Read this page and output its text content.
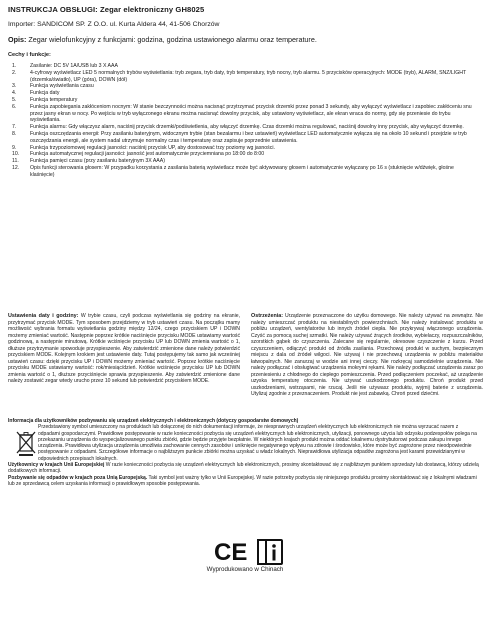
INSTRUKCJA OBSŁUGI: Zegar elektroniczny GH8025
Importer: SANDICOM SP. Z O.O. ul. Kurta Aldera 44, 41-506 Chorzów
Opis: Zegar wielofunkcyjny z funkcjami: godzina, godzina ustawionego alarmu oraz temperature.
Cechy i funkcje:
1.	Zasilanie: DC 5V 1A/USB lub 3 X AAA
2.	4-cyfrowy wyświetlacz LED 5 normalnych trybów wyświetlania: tryb zegara, tryb daty, tryb temperatury, tryb nocny, tryb alarmu. 5 przycisków operacyjnych: MODE (tryb), ALARM, SNZ/LIGHT (drzemka/światło), UP (góra), DOWN (dół)
3.	Funkcja wyświetlania czasu
4.	Funkcja daty
5.	Funkcja temperatury
6.	Funkcja zapobiegania zakłóceniom nocnym: W stanie bezczynności można nacisnąć przytrzymać przycisk drzemki przez ponad 3 sekundy, aby wyłączyć wyświetlacz i zapobiec zakłóceniu snu przez jasny ekran w nocy. Po wejściu w tryb wyłączonego ekranu można nacisnąć dowolny przycisk, aby ustawiony wyświetlacz, ale ekran wraca do normy, gdy się przeniesie do trybu wyświetlania.
7.	Funkcja alarmu: Gdy włączysz alarm, naciśnij przycisk drzemki/podświetlenia, aby włączyć drzemkę. Czas drzemki można regulować, naciśnij dowolny inny przycisk, aby wyłączyć drzemkę.
8.	Funkcja oszczędzania energii: Przy zasilaniu bateryjnym, widocznym trybie (stan bezalarmu i bez ustawień) wyświetlacz LED automatycznie wyłącza się na około 10 sekund i przejdzie w tryb oszczędzania energii, ale system nadal utrzymuje normalny czas i temperaturę oraz zapisuje poprzednie ustawienia.
9.	Funkcja trzypoziomowej regulacji jasności: naciśnij przycisk UP, aby dostosować trzy poziomy wg jasności.
10.	Funkcja automatycznej regulacji jasności: jasność jest automatycznie przyciemniana po 18:00 do 8:00
11.	Funkcja pamięci czasu (przy zasilaniu bateryjnym 3X AAA)
12.	Opis funkcji sterowania głosem: W przypadku korzystania z zasilania baterią wyświetlacz może być aktywowany głosem i automatycznie wyłączany po 16 s (stuknięcie w/dźwięk, głośne klaśnięcie)
Ustawienia daty i godziny: W trybie czasu, czyli podczas wyświetlania się godziny na ekranie, przytrzymać przycisk MODE. Tym sposobem przejdziemy w tryb ustawień czasu. Na początku mamy możliwość wybrania formatu wyświetlania godziny między 12/24, czego przyciskiem UP i DOWN możemy zmieniać wartość. Następnie poprzez krótkie naciśnięcie przycisku MODE ustawiamy wartość godzinową, a następnie minutową. Krótkie wciśnięcie przycisku UP lub DOWN zmienia wartość o 1, dłuższe przytrzymanie spowoduje przyspieszenie. Aby zatwierdzić zmienione dane należy potwierdzić przyciskiem MODE. Kolejnym krokiem jest ustawienie daty. Tutaj postępujemy tak samo jak wcześniej ustawień czasu: dzięki przycisku UP i DOWN możemy zmieniać wartość. Poprzez krótkie naciśnięcie przycisku MODE ustawiamy wartość: rok/miesiąc/dzień. Krótkie wciśnięcie przycisku UP lub DOWN zmienia wartość o 1, dłuższe przyciśnięcie sprawia przyspieszenie. Aby zatwierdzić zmienione dane należy zostawić zegar wtedy urucho przez 10 sekund lub potwierdzić przyciskiem MODE.
Ostrzeżenia: Urządzenie przeznaczone do użytku domowego. Nie należy używać na zewnątrz. Nie należy umieszczać produktu na niestabilnych powierzchniach. Nie należy instalować produktu w pobliżu urządzeń, wentylatorów lub innych źródeł ciepła. Nie przykrywaj włączonego urządzenia. Czyść za pomocą suchej szmatki. Nie należy używać żrących środków, wybielaczy, rozpuszczalników, szorstkich gąbek do czyszczenia. Zalecane się regularnie, okresowe czyszczenie z kurzu. Przed czyszczeniem, odłączyć produkt od źródła zasilania. Przechowuj produkt w suchym, bezpiecznym miejscu z dala od źródeł wilgoci. Nie używaj i nie przechowuj urządzenia w pobliżu materiałów łatwopalnych. Nie zanurzaj w wodzie ani innej cieczy. Nie rozkręcaj samodzielnie urządzenia. Nie należy podłączać i obsługiwać urządzenia mokrymi rękami. Nie należy podłączać urządzenia zaraz po przeniesieniu z chłodnego do ciepłego pomieszczenia. Przed podłączeniem poczekać, aż urządzenie uzyska temperaturę otoczenia. Nie używać uszkodzonego produktu. Chroń produkt przed uszkodzeniami, wstrząsami, nie rzucaj. Jeśli nie używasz produktu, wyjmij baterie z urządzenia. Utylizuj zgodnie z przeznaczeniem. Produkt nie jest zabawką. Chroń przed dziećmi.

Informacja dla użytkowników pozbywaniu się urządzeń elektrycznych i elektronicznych (dotyczy gospodarstw domowych)
Przedstawiony symbol umieszczony na produktach lub dołączonej do nich dokumentacji informuje, że niesprawnych urządzeń elektrycznych lub elektronicznych nie można wyrzucać razem z odpadami gospodarczymi. Prawidłowe postępowanie w razie konieczności pozbycia się urządzeń elektrycznych lub elektronicznych, utylizacji, ponownego użycia lub odzysku podzespołów polega na przekazaniu urządzenia do wyspecjalizowanego punktu zbiórki, gdzie będzie przyjęte bezpłatnie. W niektórych krajach produkt można oddać lokalnemu dystrybutorowi podczas zakupu innego urządzenia. Prawidłowa utylizacja urządzenia umożliwia zachowanie cennych zasobów i uniknięcie negatywnego wpływu na zdrowie i środowisko, które może być zagrożone przez nieodpowiednie postępowanie z odpadami. Szczegółowe informacje o najbliższym punkcie zbiórki można uzyskać u władz lokalnych. Nieprawidłowa utylizacja odpadów zagrożona jest karami przewidzianymi w odpowiednich przepisach lokalnych.

Użytkownicy w krajach Unii Europejskiej W razie konieczności pozbycia się urządzeń elektrycznych lub elektronicznych, prosimy skontaktować się z najbliższym punktem sprzedaży lub dostawcą, którzy udzielą dodatkowych informacji.

Pozbywanie się odpadów w krajach poza Unią Europejską. Taki symbol jest ważny tylko w Unii Europejskej. W razie potrzeby pozbycia się niniejszego produktu prosimy skontaktować się z lokalnymi władzami lub ze sprzedawcą celem uzyskania informacji o prawidłowym sposobie postępowania.

CE
Wyprodukowano w Chinach
